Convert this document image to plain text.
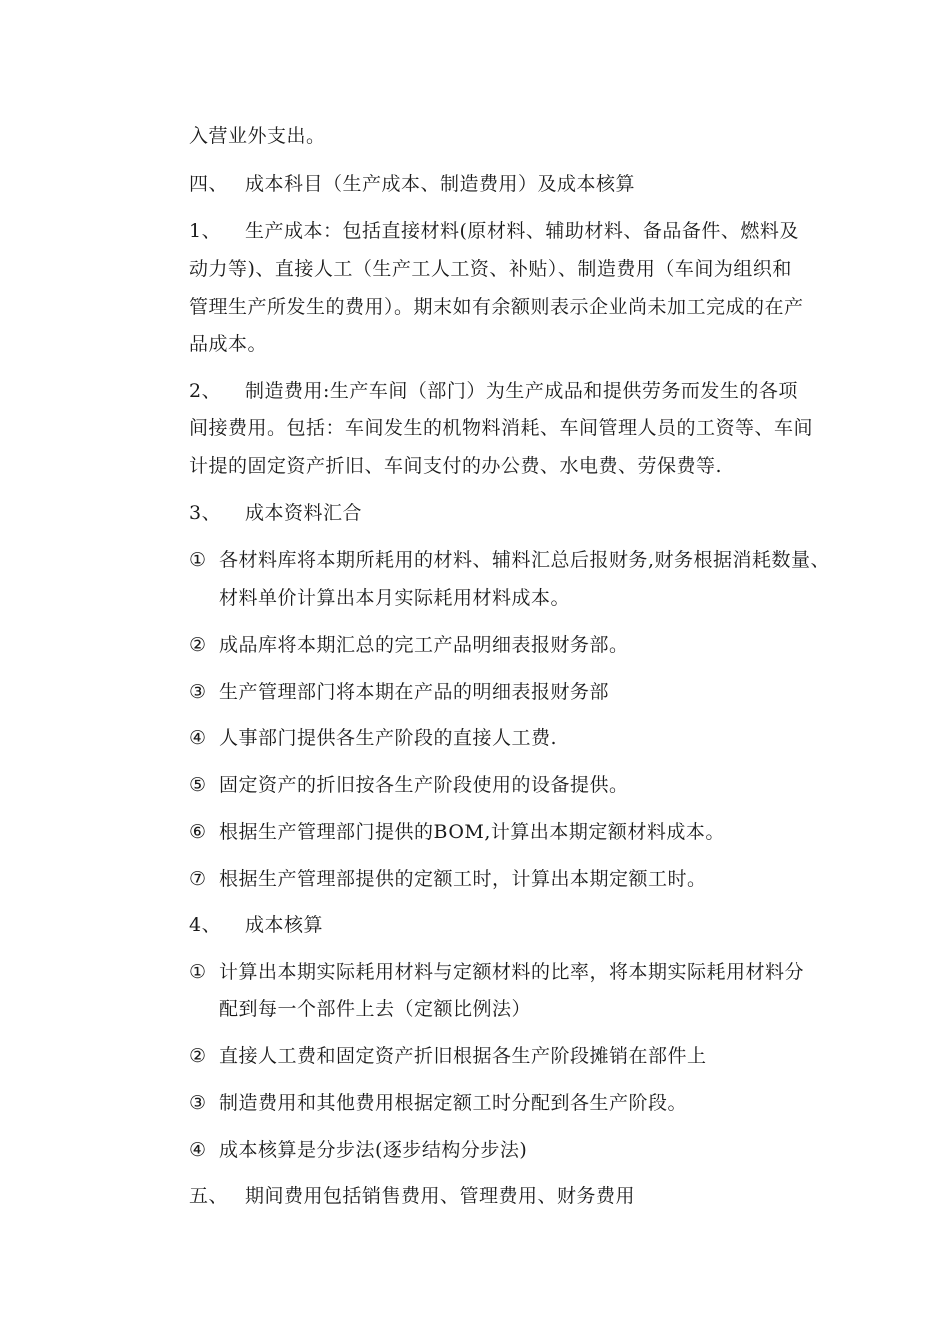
入营业外支出。
四、 成本科目（生产成本、制造费用）及成本核算
1、 生产成本：包括直接材料(原材料、辅助材料、备品备件、燃料及
动力等)、直接人工（生产工人工资、补贴）、制造费用（车间为组织和
管理生产所发生的费用）。期末如有余额则表示企业尚未加工完成的在产
品成本。
2、 制造费用:生产车间（部门）为生产成品和提供劳务而发生的各项
间接费用。包括：车间发生的机物料消耗、车间管理人员的工资等、车间
计提的固定资产折旧、车间支付的办公费、水电费、劳保费等.
3、 成本资料汇合
① 各材料库将本期所耗用的材料、辅料汇总后报财务,财务根据消耗数量、
材料单价计算出本月实际耗用材料成本。
② 成品库将本期汇总的完工产品明细表报财务部。
③ 生产管理部门将本期在产品的明细表报财务部
④ 人事部门提供各生产阶段的直接人工费.
⑤ 固定资产的折旧按各生产阶段使用的设备提供。
⑥ 根据生产管理部门提供的BOM,计算出本期定额材料成本。
⑦ 根据生产管理部提供的定额工时，计算出本期定额工时。
4、 成本核算
① 计算出本期实际耗用材料与定额材料的比率，将本期实际耗用材料分
配到每一个部件上去（定额比例法）
② 直接人工费和固定资产折旧根据各生产阶段摊销在部件上
③ 制造费用和其他费用根据定额工时分配到各生产阶段。
④ 成本核算是分步法(逐步结构分步法)
五、 期间费用包括销售费用、管理费用、财务费用
